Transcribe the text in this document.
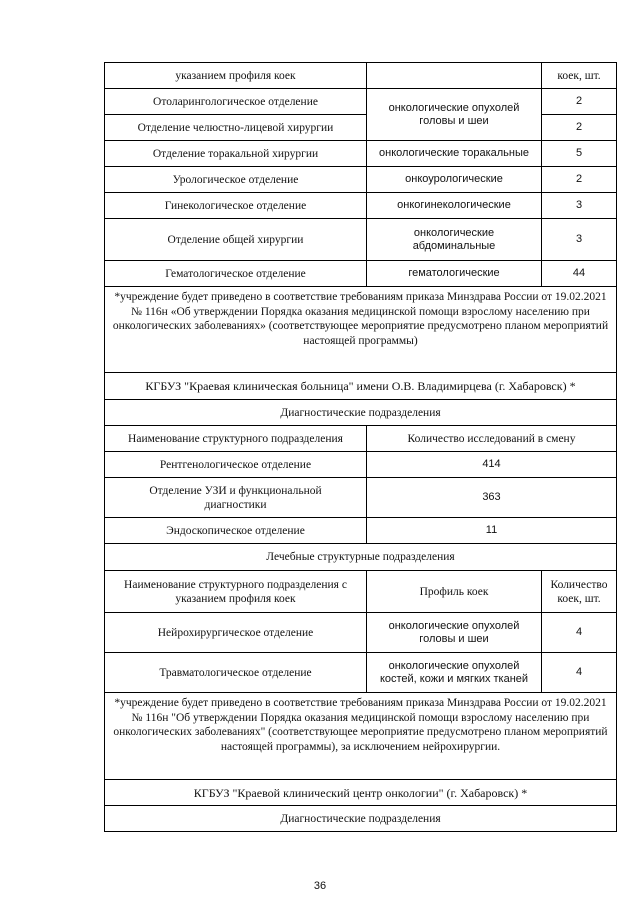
указанием профиля коек		коек, шт.
Отоларингологическое отделение	онкологические опухолей головы и шеи	2
Отделение челюстно-лицевой хирургии		2
Отделение торакальной хирургии	онкологические торакальные	5
Урологическое отделение	онкоурологические	2
Гинекологическое отделение	онкогинекологические	3
Отделение общей хирургии	онкологические абдоминальные	3
Гематологическое отделение	гематологические	44
*учреждение будет приведено в соответствие требованиям приказа Минздрава России от 19.02.2021 № 116н «Об утверждении Порядка оказания медицинской помощи взрослому населению при онкологических заболеваниях» (соответствующее мероприятие предусмотрено планом мероприятий настоящей программы)		
КГБУЗ "Краевая клиническая больница" имени О.В. Владимирцева (г. Хабаровск) *		
Диагностические подразделения		
Наименование структурного подразделения	Количество исследований в смену	
Рентгенологическое отделение	414	
Отделение УЗИ и функциональной диагностики	363	
Эндоскопическое отделение	11	
Лечебные структурные подразделения		
Наименование структурного подразделения с указанием профиля коек	Профиль коек	Количество коек, шт.
Нейрохирургическое отделение	онкологические опухолей головы и шеи	4
Травматологическое отделение	онкологические опухолей костей, кожи и мягких тканей	4
*учреждение будет приведено в соответствие требованиям приказа Минздрава России от 19.02.2021 № 116н "Об утверждении Порядка оказания медицинской помощи взрослому населению при онкологических заболеваниях" (соответствующее мероприятие предусмотрено планом мероприятий настоящей программы), за исключением нейрохирургии.		
КГБУЗ "Краевой клинический центр онкологии" (г. Хабаровск) *		
Диагностические подразделения		
36
